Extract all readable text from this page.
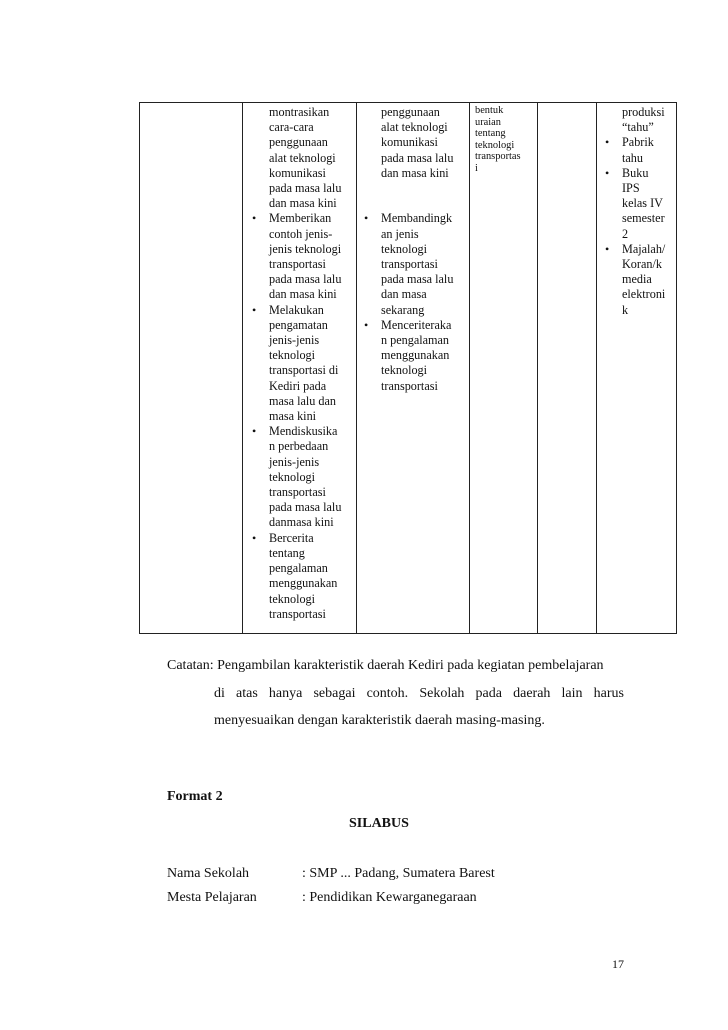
montrasikan
cara-cara
penggunaan
alat teknologi
komunikasi
pada masa lalu
dan masa kini
• Memberikan
contoh jenis-
jenis teknologi
transportasi
pada masa lalu
dan masa kini
• Melakukan
pengamatan
jenis-jenis
teknologi
transportasi di
Kediri pada
masa lalu dan
masa kini
• Mendiskusika
n perbedaan
jenis-jenis
teknologi
transportasi
pada masa lalu
danmasa kini
• Bercerita
tentang
pengalaman
menggunakan
teknologi
transportasi
penggunaan
alat teknologi
komunikasi
pada masa lalu
dan masa kini

• Membandingk
an jenis
teknologi
transportasi
pada masa lalu
dan masa
sekarang
• Menceriteraka
n pengalaman
menggunakan
teknologi
transportasi
bentuk
uraian
tentang
teknologi
transportas
i
produksi
“tahu”
• Pabrik
tahu
• Buku
IPS
kelas IV
semester
2
• Majalah/
Koran/k
media
elektroni
k
Catatan: Pengambilan karakteristik daerah Kediri pada kegiatan pembelajaran
di atas hanya sebagai contoh. Sekolah pada daerah lain harus
menyesuaikan dengan karakteristik daerah masing-masing.
Format 2
SILABUS
Nama Sekolah	: SMP ... Padang, Sumatera Barest
Mesta Pelajaran	: Pendidikan Kewarganegaraan
17
